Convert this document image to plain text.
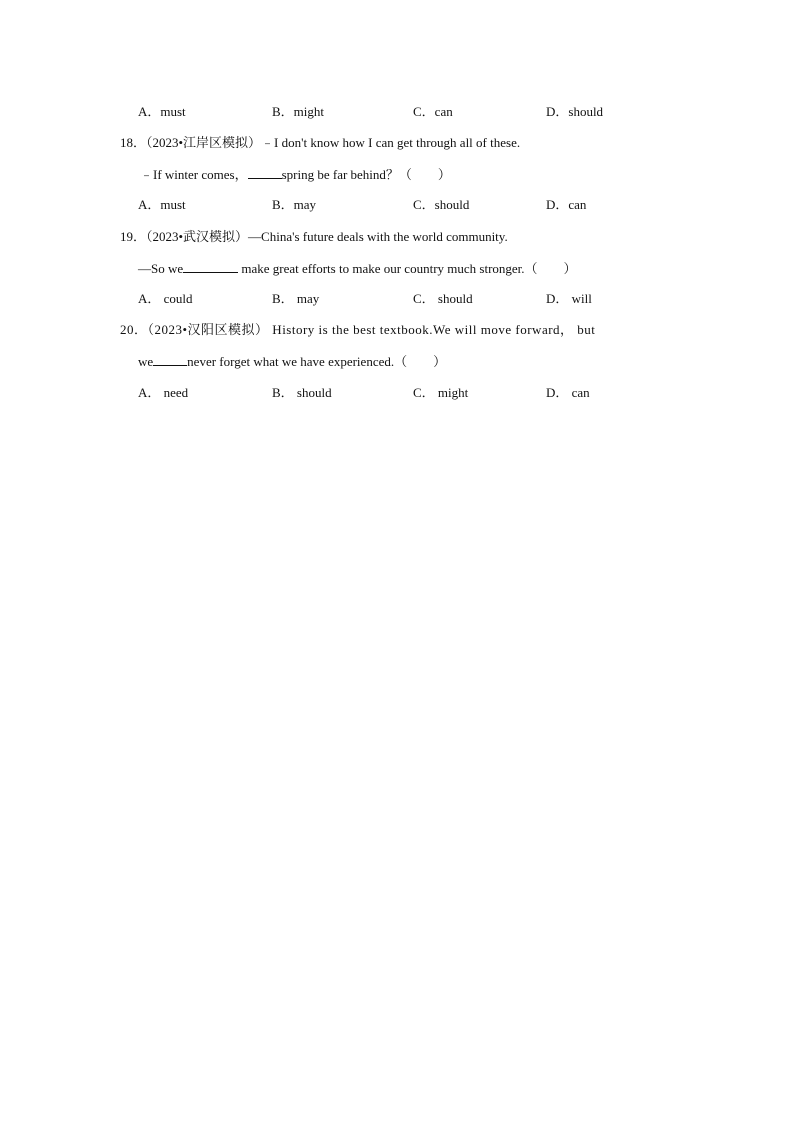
A．must	B．might	C．can	D．should
18．（2023•江岸区模拟）﹣I don't know how I can get through all of these.
﹣If winter comes，	spring be far behind？（　　）
A．must	B．may	C．should	D．can
19．（2023•武汉模拟）—China's future deals with the world community.
—So we	make great efforts to make our country much stronger.（　　）
A． could	B． may	C． should	D． will
20．（2023•汉阳区模拟） History is the best textbook.We will move forward， but
we	never forget what we have experienced.（　　）
A． need	B． should	C． might	D． can
